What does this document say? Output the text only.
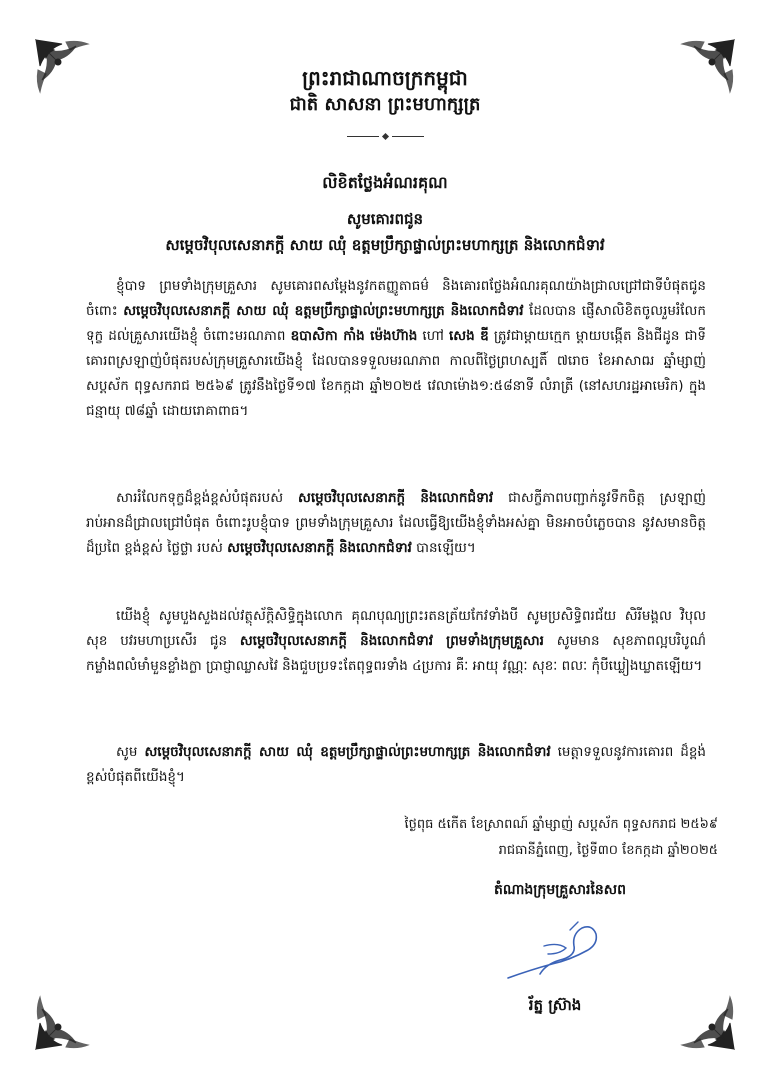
ព្រះរាជាណាចក្រកម្ពុជា
ជាតិ សាសនា ព្រះមហាក្សត្រ
លិខិតថ្លែងអំណរគុណ
សូមគោរពជូន
សម្តេចវិបុលសេនាភក្តី សាយ ឈុំ ឧត្តមប្រឹក្សាផ្ទាល់ព្រះមហាក្សត្រ និងលោកជំទាវ
ខ្ញុំបាទ ព្រមទាំងក្រុមគ្រួសារ សូមគោរពសម្តែងនូវកតញ្ញូតាធម៌ និងគោរពថ្លែងអំណរគុណយ៉ាងជ្រាលជ្រៅជាទីបំផុតជូនចំពោះ សម្តេចវិបុលសេនាភក្តី សាយ ឈុំ ឧត្តមប្រឹក្សាផ្ទាល់ព្រះមហាក្សត្រ និងលោកជំទាវ ដែលបាន ផ្ញើសាលិខិតចូលរួមរំលែកទុក្ខ ដល់គ្រួសារយើងខ្ញុំ ចំពោះមរណភាព ឧបាសិកា កាំង ម៉េងហ៊ាង ហៅ សេង ឌី ត្រូវជាម្តាយក្មេក ម្តាយបង្កើត និងជីដូន ជាទីគោរពស្រឡាញ់បំផុតរបស់ក្រុមគ្រួសារយើងខ្ញុំ ដែលបានទទួលមរណភាព កាលពីថ្ងៃព្រហស្បតិ៍ ៧រោច ខែអាសាឍ ឆ្នាំម្សាញ់ សប្តស័ក ពុទ្ធសករាជ ២៥៦៩ ត្រូវនឹងថ្ងៃទី១៧ ខែកក្កដា ឆ្នាំ២០២៥ វេលាម៉ោង១:៥៨នាទី លំរាត្រី (នៅសហរដ្ឋអាមេរិក) ក្នុងជន្មាយុ ៧៨ឆ្នាំ ដោយរោគាពាធ។
សាររំលែកទុក្ខដ៏ខ្ពង់ខ្ពស់បំផុតរបស់ សម្តេចវិបុលសេនាភក្តី និងលោកជំទាវ ជាសក្ខីភាពបញ្ជាក់នូវទឹកចិត្ត ស្រឡាញ់ រាប់អានដ៏ជ្រាលជ្រៅបំផុត ចំពោះរូបខ្ញុំបាទ ព្រមទាំងក្រុមគ្រួសារ ដែលធ្វើឱ្យយើងខ្ញុំទាំងអស់គ្នា មិនអាចបំភ្លេចបាន នូវសមានចិត្តដ៏ប្រពៃ ខ្ពង់ខ្ពស់ ថ្លៃថ្លា របស់ សម្តេចវិបុលសេនាភក្តី និងលោកជំទាវ បានឡើយ។
យើងខ្ញុំ សូមបួងសួងដល់វត្ថុស័ក្តិសិទ្ធិក្នុងលោក គុណបុណ្យព្រះរតនត្រ័យកែវទាំងបី សូមប្រសិទ្ធិពរជ័យ សិរីមង្គល វិបុលសុខ បវរមហាប្រសើរ ជូន សម្តេចវិបុលសេនាភក្តី និងលោកជំទាវ ព្រមទាំងក្រុមគ្រួសារ សូមមាន សុខភាពល្អបរិបូណ៌ កម្លាំងពលំមាំមួនខ្លាំងក្លា ប្រាជ្ញាឈ្លាសវៃ និងជួបប្រទះតែពុទ្ធពរទាំង ៤ប្រការ គឺៈ អាយុ វណ្ណៈ សុខៈ ពលៈ កុំបីឃ្លៀងឃ្លាតឡើយ។
សូម សម្តេចវិបុលសេនាភក្តី សាយ ឈុំ ឧត្តមប្រឹក្សាផ្ទាល់ព្រះមហាក្សត្រ និងលោកជំទាវ មេត្តាទទួលនូវការគោរព ដ៏ខ្ពង់ខ្ពស់បំផុតពីយើងខ្ញុំ។
ថ្ងៃពុធ ៥កើត ខែស្រាពណ៍ ឆ្នាំម្សាញ់ សប្តស័ក ពុទ្ធសករាជ ២៥៦៩
រាជធានីភ្នំពេញ, ថ្ងៃទី៣០ ខែកក្កដា ឆ្នាំ២០២៥
តំណាងក្រុមគ្រួសារនៃសព
រ័ត្ន ស្រ៊ាង
